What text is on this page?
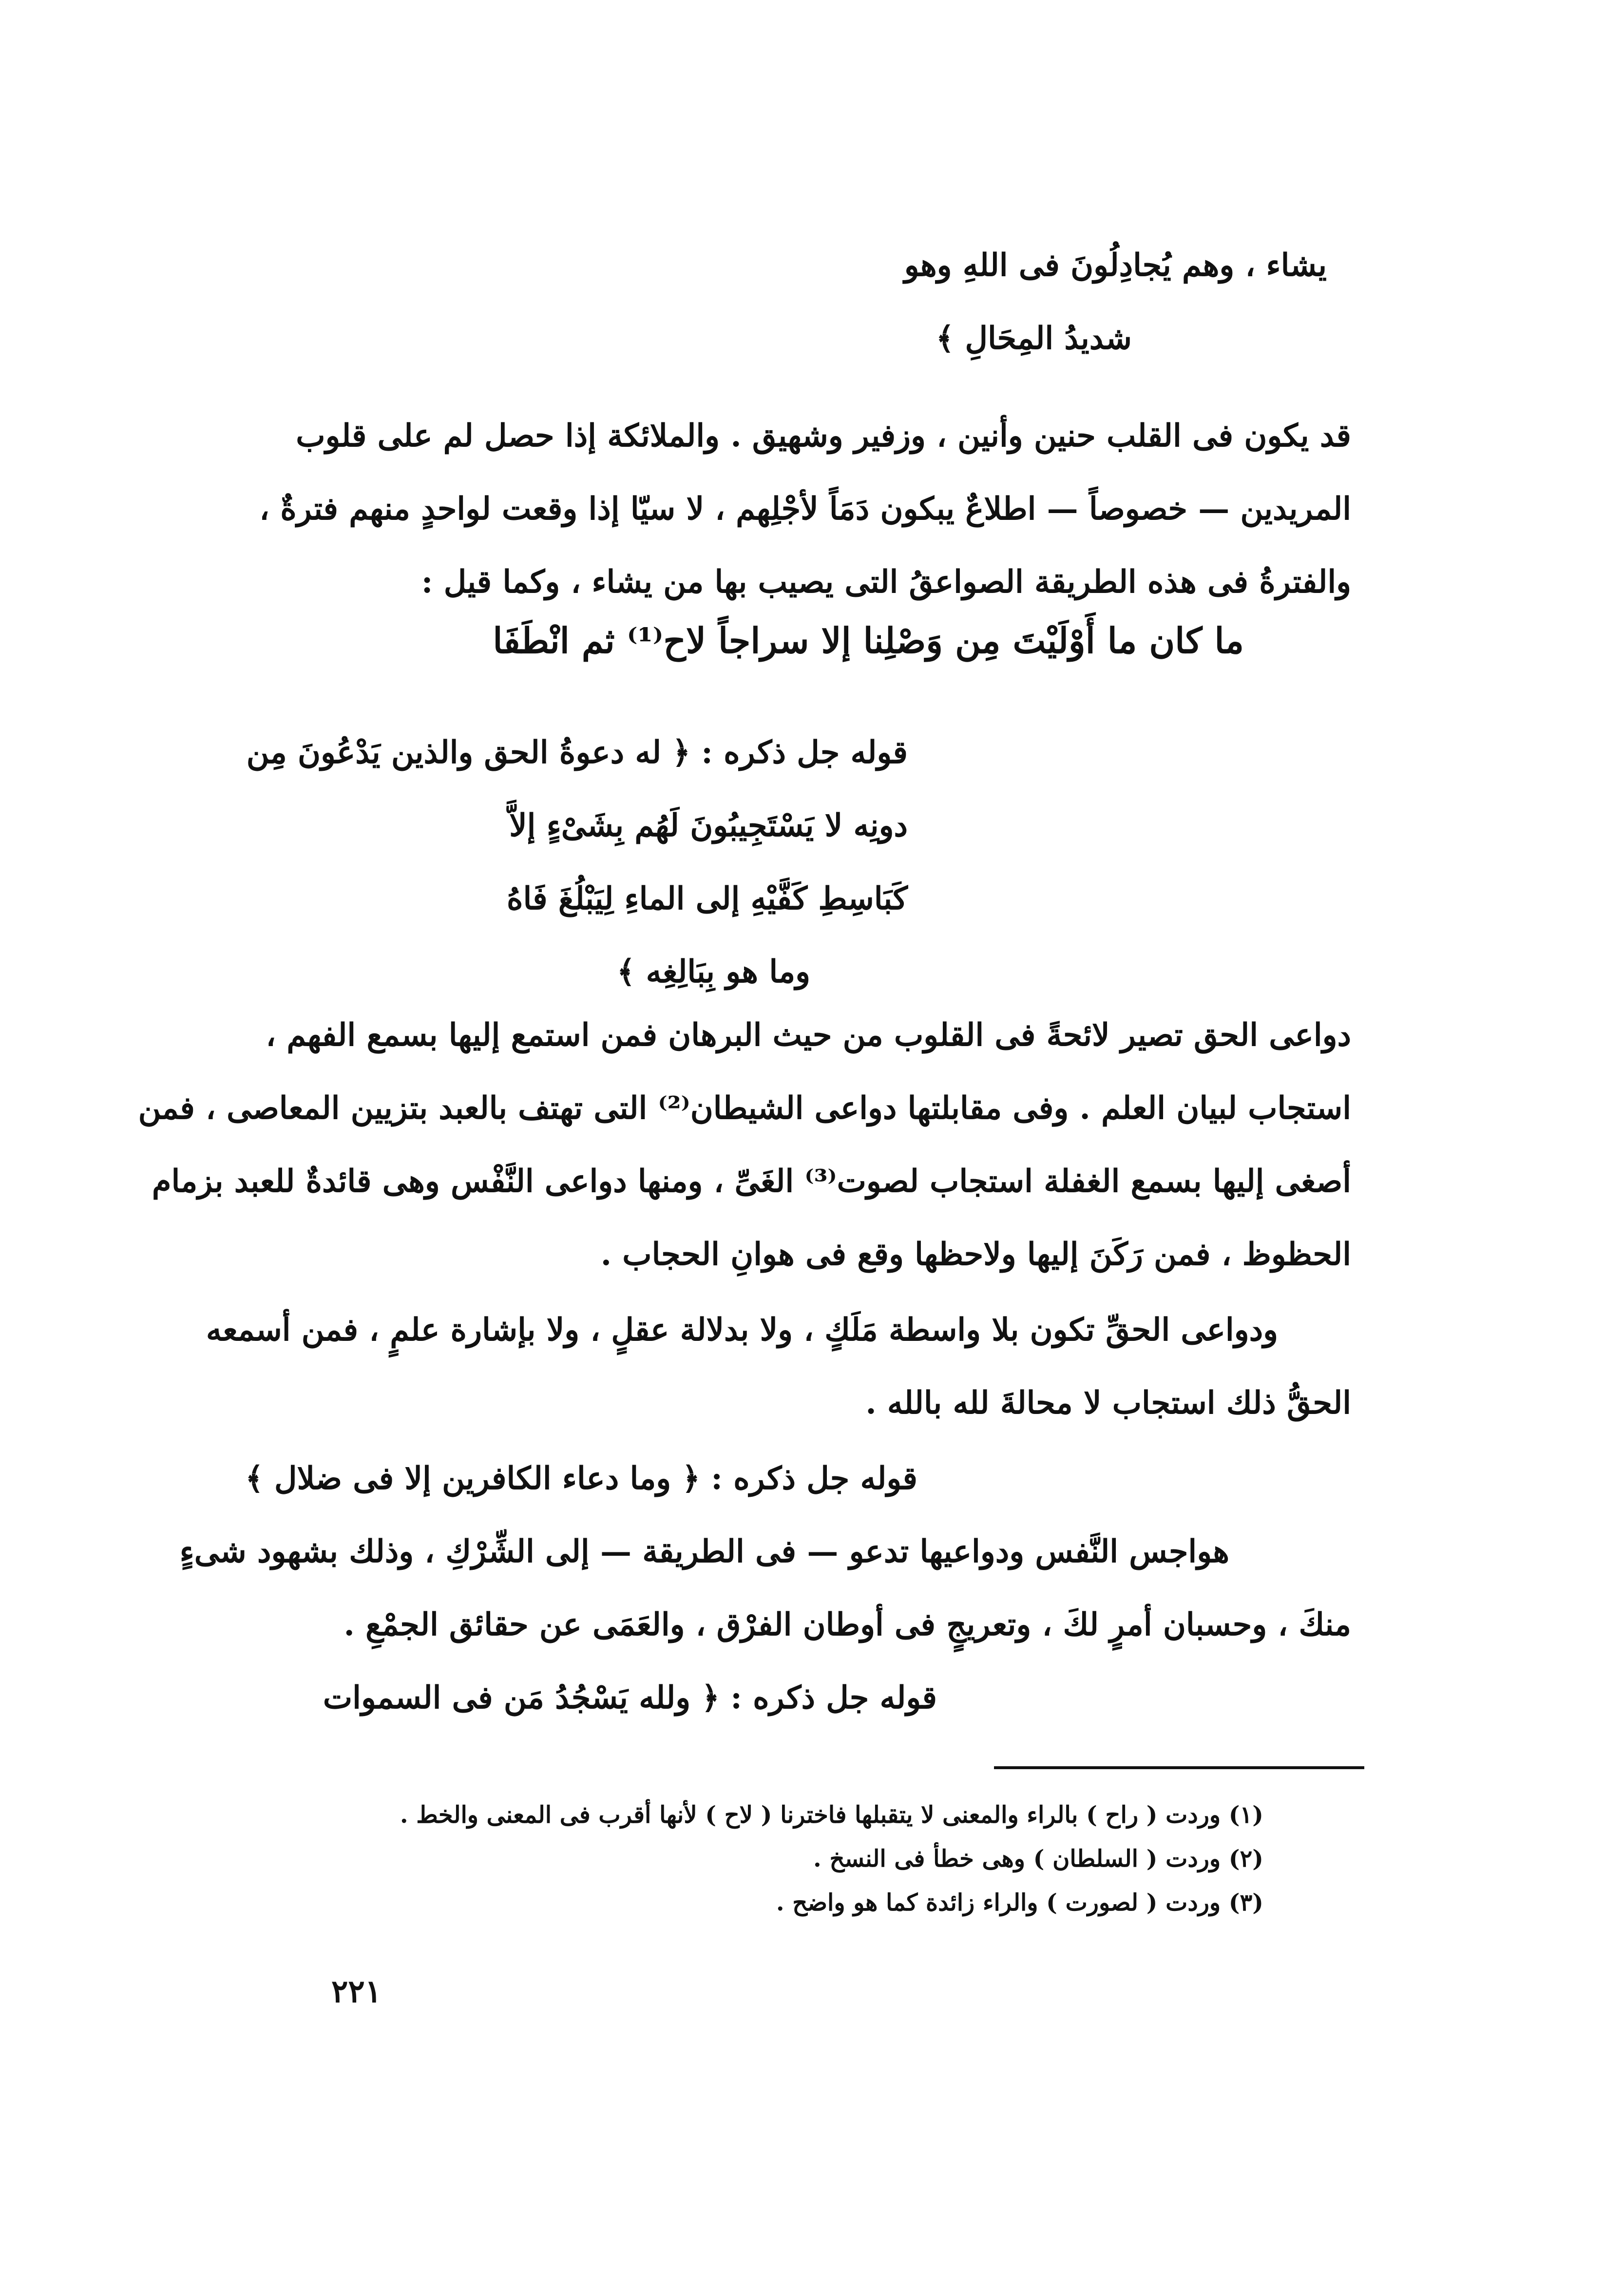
يشاء ، وهم يُجادِلُونَ فى اللهِ وهو
شديدُ المِحَالِ ﴾
قد يكون فى القلب حنين وأنين ، وزفير وشهيق . والملائكة إذا حصل لم على قلوب
المريدين — خصوصاً — اطلاعٌ يبكون دَمَاً لأجْلِهم ، لا سيّا إذا وقعت لواحدٍ منهم فترةٌ ،
والفترةُ فى هذه الطريقة الصواعقُ التى يصيب بها من يشاء ، وكما قيل :
ما كان ما أَوْلَيْتَ مِن وَصْلِنا إلا سراجاً لاح⁽¹⁾ ثم انْطَفَا
قوله جل ذكره : ﴿ له دعوةُ الحق والذين يَدْعُونَ مِن
دونِه لا يَسْتَجِيبُونَ لَهُم بِشَىْءٍ إلاَّ
كَبَاسِطِ كَفَّيْهِ إلى الماءِ لِيَبْلُغَ فَاهُ
وما هو بِبَالِغِه ﴾
دواعى الحق تصير لائحةً فى القلوب من حيث البرهان فمن استمع إليها بسمع الفهم ،
استجاب لبيان العلم . وفى مقابلتها دواعى الشيطان⁽²⁾ التى تهتف بالعبد بتزيين المعاصى ، فمن
أصغى إليها بسمع الغفلة استجاب لصوت⁽³⁾ الغَىِّ ، ومنها دواعى النَّفْس وهى قائدةٌ للعبد بزمام
الحظوظ ، فمن رَكَنَ إليها ولاحظها وقع فى هوانِ الحجاب .
ودواعى الحقِّ تكون بلا واسطة مَلَكٍ ، ولا بدلالة عقلٍ ، ولا بإشارة علمٍ ، فمن أسمعه
الحقُّ ذلك استجاب لا محالةَ لله بالله .
قوله جل ذكره : ﴿ وما دعاء الكافرين إلا فى ضلال ﴾
هواجس النَّفس ودواعيها تدعو — فى الطريقة — إلى الشِّرْكِ ، وذلك بشهود شىءٍ
منكَ ، وحسبان أمرٍ لكَ ، وتعريجٍ فى أوطان الفرْق ، والعَمَى عن حقائق الجمْعِ .
قوله جل ذكره : ﴿ ولله يَسْجُدُ مَن فى السموات
(١) وردت ( راح ) بالراء والمعنى لا يتقبلها فاخترنا ( لاح ) لأنها أقرب فى المعنى والخط .
(٢) وردت ( السلطان ) وهى خطأ فى النسخ .
(٣) وردت ( لصورت ) والراء زائدة كما هو واضح .
٢٢١
